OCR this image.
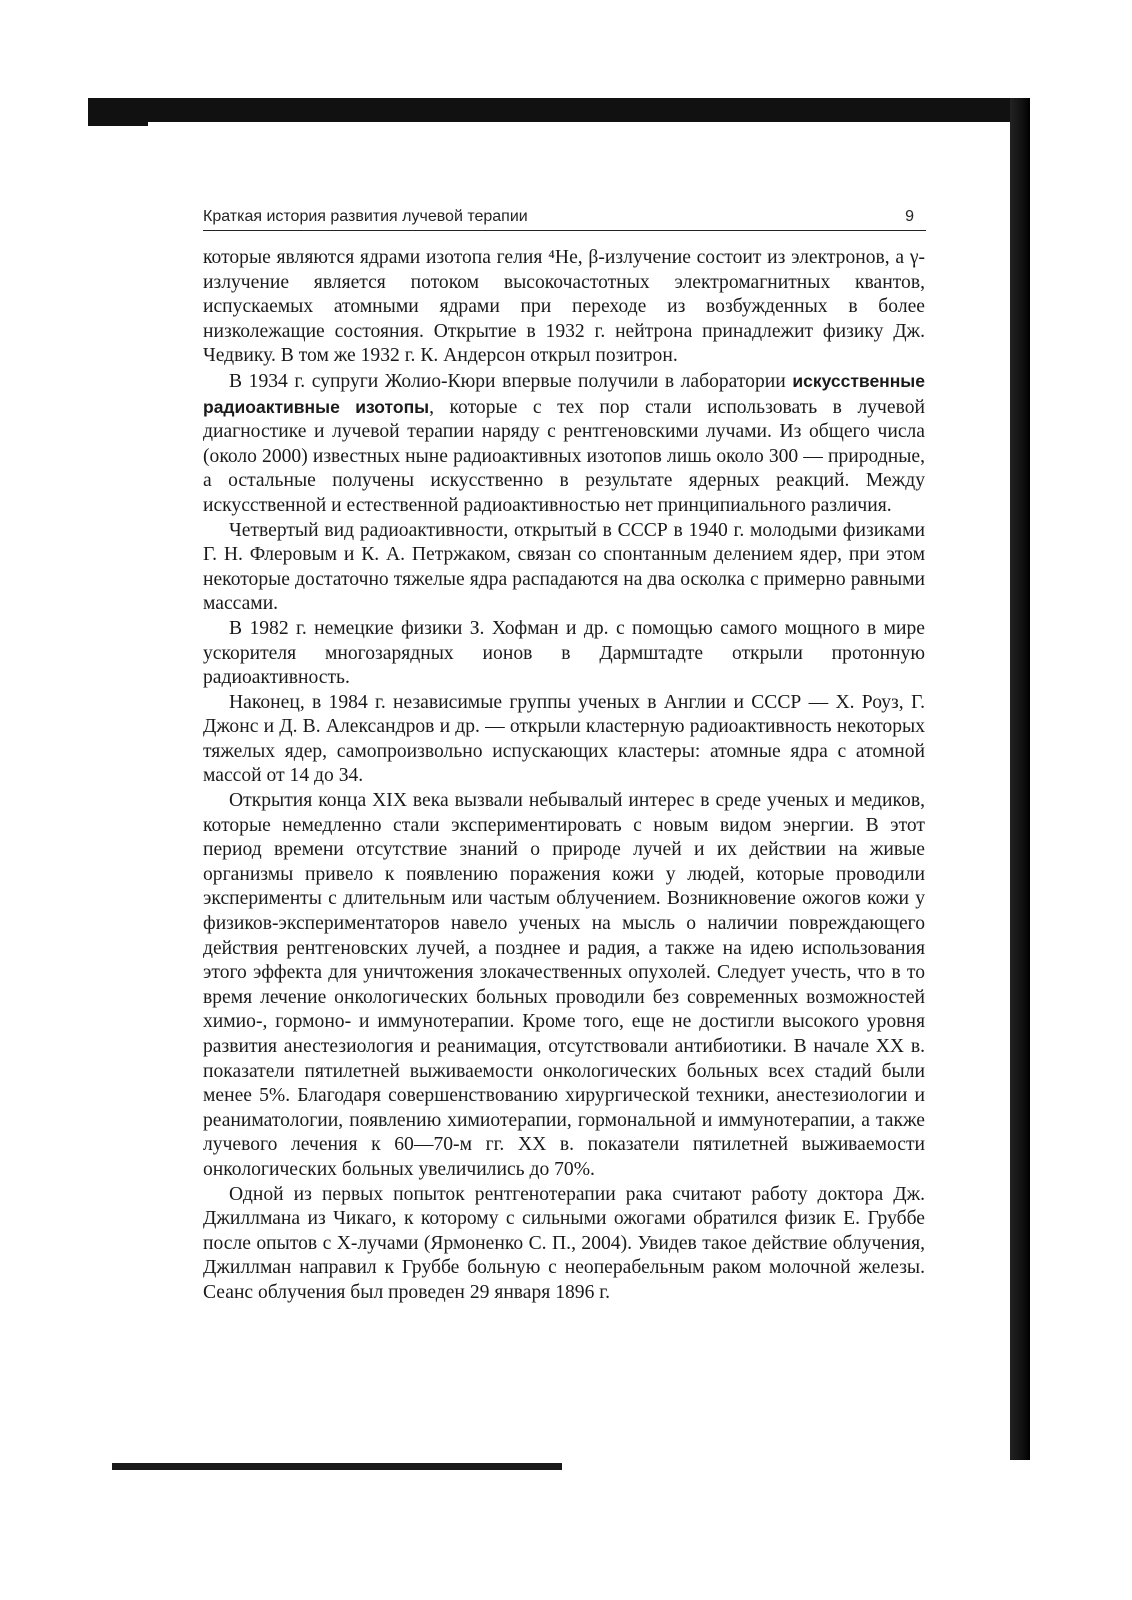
Краткая история развития лучевой терапии	9

которые являются ядрами изотопа гелия ⁴He, β-излучение состоит из электронов, а γ-излучение является потоком высокочастотных электромагнитных квантов, испускаемых атомными ядрами при переходе из возбужденных в более низколежащие состояния. Открытие в 1932 г. нейтрона принадлежит физику Дж. Чедвику. В том же 1932 г. К. Андерсон открыл позитрон.

В 1934 г. супруги Жолио-Кюри впервые получили в лаборатории искусственные радиоактивные изотопы, которые с тех пор стали использовать в лучевой диагностике и лучевой терапии наряду с рентгеновскими лучами. Из общего числа (около 2000) известных ныне радиоактивных изотопов лишь около 300 — природные, а остальные получены искусственно в результате ядерных реакций. Между искусственной и естественной радиоактивностью нет принципиального различия.

Четвертый вид радиоактивности, открытый в СССР в 1940 г. молодыми физиками Г. Н. Флеровым и К. А. Петржаком, связан со спонтанным делением ядер, при этом некоторые достаточно тяжелые ядра распадаются на два осколка с примерно равными массами.

В 1982 г. немецкие физики З. Хофман и др. с помощью самого мощного в мире ускорителя многозарядных ионов в Дармштадте открыли протонную радиоактивность.

Наконец, в 1984 г. независимые группы ученых в Англии и СССР — Х. Роуз, Г. Джонс и Д. В. Александров и др. — открыли кластерную радиоактивность некоторых тяжелых ядер, самопроизвольно испускающих кластеры: атомные ядра с атомной массой от 14 до 34.

Открытия конца XIX века вызвали небывалый интерес в среде ученых и медиков, которые немедленно стали экспериментировать с новым видом энергии. В этот период времени отсутствие знаний о природе лучей и их действии на живые организмы привело к появлению поражения кожи у людей, которые проводили эксперименты с длительным или частым облучением. Возникновение ожогов кожи у физиков-экспериментаторов навело ученых на мысль о наличии повреждающего действия рентгеновских лучей, а позднее и радия, а также на идею использования этого эффекта для уничтожения злокачественных опухолей. Следует учесть, что в то время лечение онкологических больных проводили без современных возможностей химио-, гормоно- и иммунотерапии. Кроме того, еще не достигли высокого уровня развития анестезиология и реанимация, отсутствовали антибиотики. В начале XX в. показатели пятилетней выживаемости онкологических больных всех стадий были менее 5%. Благодаря совершенствованию хирургической техники, анестезиологии и реаниматологии, появлению химиотерапии, гормональной и иммунотерапии, а также лучевого лечения к 60—70-м гг. XX в. показатели пятилетней выживаемости онкологических больных увеличились до 70%.

Одной из первых попыток рентгенотерапии рака считают работу доктора Дж. Джиллмана из Чикаго, к которому с сильными ожогами обратился физик Е. Груббе после опытов с X-лучами (Ярмоненко С. П., 2004). Увидев такое действие облучения, Джиллман направил к Груббе больную с неоперабельным раком молочной железы. Сеанс облучения был проведен 29 января 1896 г.
